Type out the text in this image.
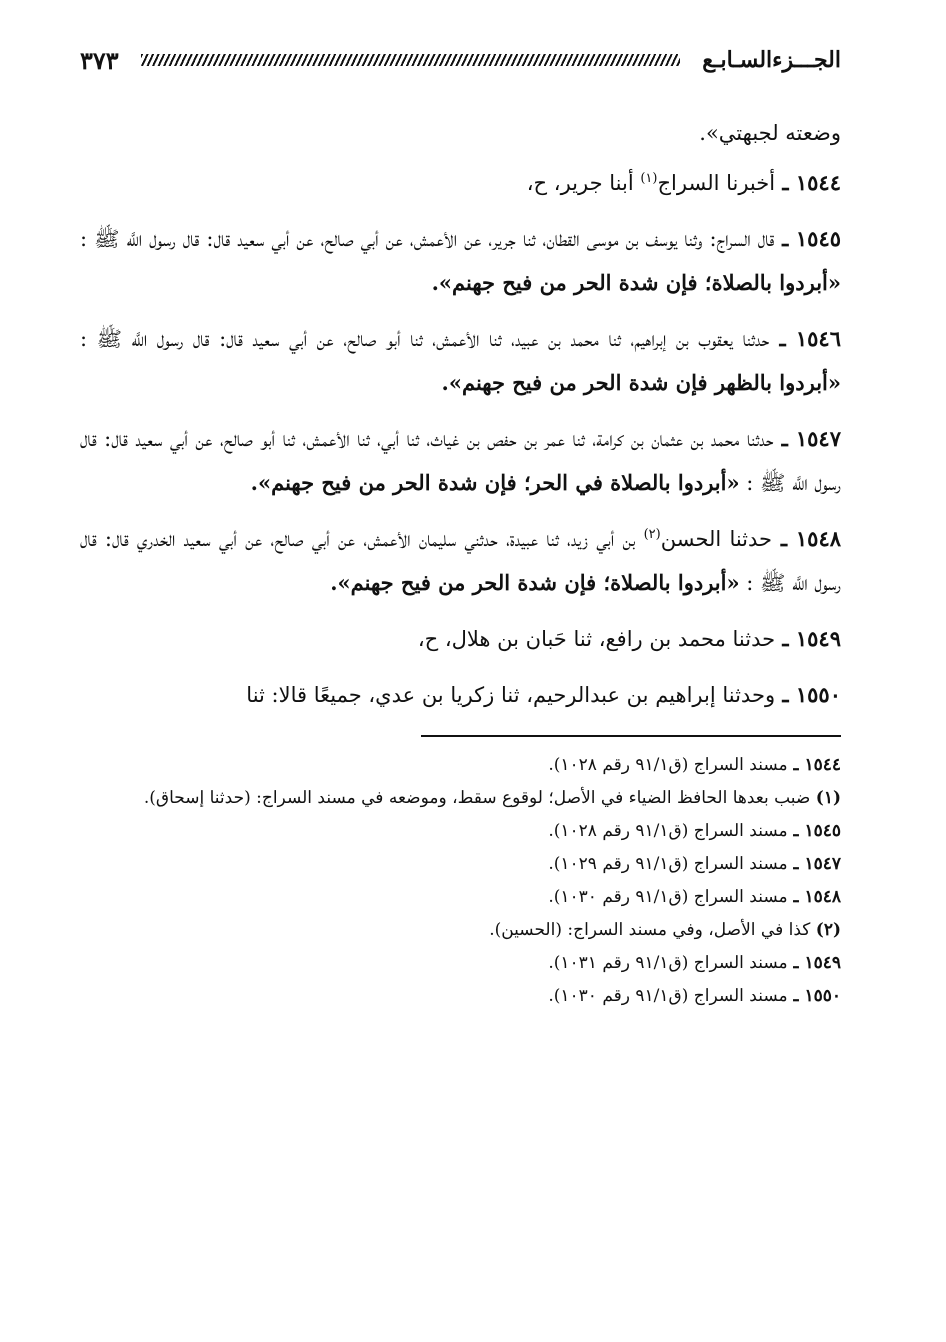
الجـــزءالسـابـع
٣٧٣

وضعته لجبهتي».

١٥٤٤ ـ أخبرنا السراج$^{(١)}$ أبنا جرير، ح،

١٥٤٥ ـ قال السراج: وثنا يوسف بن موسى القطان، ثنا جرير، عن الأعمش، عن أبي صالح، عن أبي سعيد قال: قال رسول اللَّه ﷺ : «أبردوا بالصلاة؛ فإن شدة الحر من فيح جهنم».

١٥٤٦ ـ حدثنا يعقوب بن إبراهيم، ثنا محمد بن عبيد، ثنا الأعمش، ثنا أبو صالح، عن أبي سعيد قال: قال رسول اللَّه ﷺ : «أبردوا بالظهر فإن شدة الحر من فيح جهنم».

١٥٤٧ ـ حدثنا محمد بن عثمان بن كرامة، ثنا عمر بن حفص بن غياث، ثنا أبي، ثنا الأعمش، ثنا أبو صالح، عن أبي سعيد قال: قال رسول اللَّه ﷺ : «أبردوا بالصلاة في الحر؛ فإن شدة الحر من فيح جهنم».

١٥٤٨ ـ حدثنا الحسن$^{(٢)}$ بن أبي زيد، ثنا عبيدة، حدثني سليمان الأعمش، عن أبي صالح، عن أبي سعيد الخدري قال: قال رسول اللَّه ﷺ : «أبردوا بالصلاة؛ فإن شدة الحر من فيح جهنم».

١٥٤٩ ـ حدثنا محمد بن رافع، ثنا حَبان بن هلال، ح،

١٥٥٠ ـ وحدثنا إبراهيم بن عبدالرحيم، ثنا زكريا بن عدي، جميعًا قالا: ثنا

١٥٤٤ ـ مسند السراج (ق٩١/١ رقم ١٠٢٨).

(١) ضبب بعدها الحافظ الضياء في الأصل؛ لوقوع سقط، وموضعه في مسند السراج: (حدثنا إسحاق).

١٥٤٥ ـ مسند السراج (ق٩١/١ رقم ١٠٢٨).

١٥٤٧ ـ مسند السراج (ق٩١/١ رقم ١٠٢٩).

١٥٤٨ ـ مسند السراج (ق٩١/١ رقم ١٠٣٠).

(٢) كذا في الأصل، وفي مسند السراج: (الحسين).

١٥٤٩ ـ مسند السراج (ق٩١/١ رقم ١٠٣١).

١٥٥٠ ـ مسند السراج (ق٩١/١ رقم ١٠٣٠).
